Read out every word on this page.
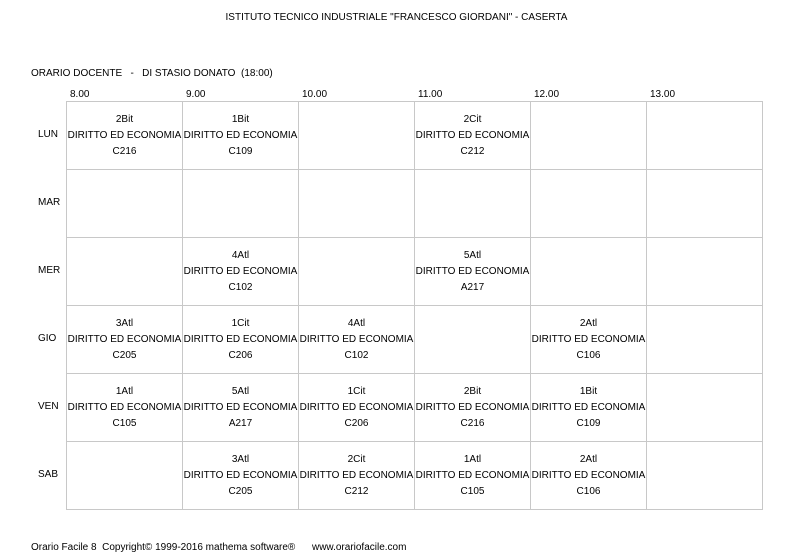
ISTITUTO TECNICO INDUSTRIALE "FRANCESCO GIORDANI" - CASERTA
ORARIO DOCENTE   -   DI STASIO DONATO  (18:00)
8.00	9.00	10.00	11.00	12.00	13.00
LUN
MAR
MER
GIO
VEN
SAB
2Bit
DIRITTO ED ECONOMIA
C216	1Bit
DIRITTO ED ECONOMIA
C109		2Cit
DIRITTO ED ECONOMIA
C212		

	4Atl
DIRITTO ED ECONOMIA
C102		5Atl
DIRITTO ED ECONOMIA
A217		

3Atl
DIRITTO ED ECONOMIA
C205	1Cit
DIRITTO ED ECONOMIA
C206	4Atl
DIRITTO ED ECONOMIA
C102		2Atl
DIRITTO ED ECONOMIA
C106	

1Atl
DIRITTO ED ECONOMIA
C105	5Atl
DIRITTO ED ECONOMIA
A217	1Cit
DIRITTO ED ECONOMIA
C206	2Bit
DIRITTO ED ECONOMIA
C216	1Bit
DIRITTO ED ECONOMIA
C109	

	3Atl
DIRITTO ED ECONOMIA
C205	2Cit
DIRITTO ED ECONOMIA
C212	1Atl
DIRITTO ED ECONOMIA
C105	2Atl
DIRITTO ED ECONOMIA
C106	

Orario Facile 8  Copyright© 1999-2016 mathema software®      www.orariofacile.com
